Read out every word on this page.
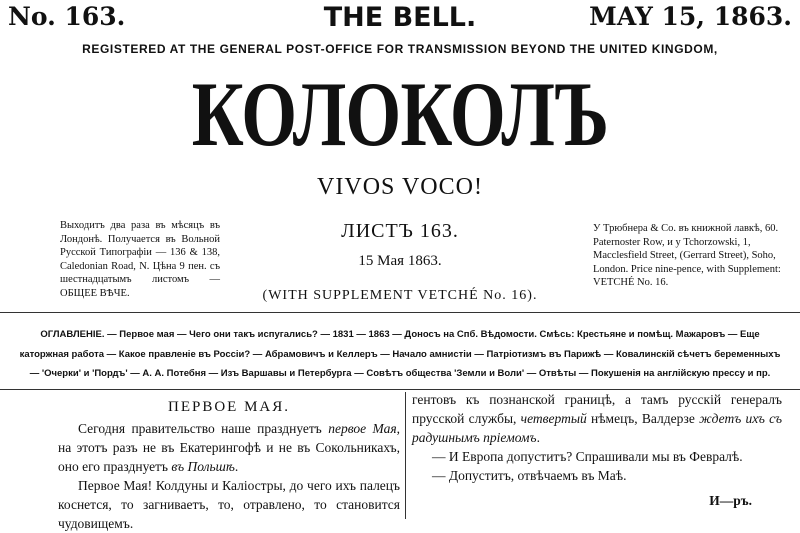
No. 163.	THE BELL.	MAY 15, 1863.
REGISTERED AT THE GENERAL POST-OFFICE FOR TRANSMISSION BEYOND THE UNITED KINGDOM,
КОЛОКОЛЪ
VIVOS VOCO!
Выходитъ два раза въ мѣсяцъ въ Лондонѣ. Получается въ Вольной Русской Типографіи — 136 & 138, Caledonian Road, N. Цѣна 9 пен. съ шестнадцатымъ листомъ — ОБЩЕЕ ВѢЧЕ.
ЛИСТЪ 163.
15 Мая 1863.
(WITH SUPPLEMENT VETCHÉ No. 16).
У Трюбнера & Co. въ книжной лавкѣ, 60. Paternoster Row, и у Tchorzowski, 1, Macclesfield Street, (Gerrard Street), Soho, London. Price nine-pence, with Supplement: VETCHÉ No. 16.

ОГЛАВЛЕНІЕ. — Первое мая — Чего они такъ испугались? — 1831 — 1863 — Доносъ на Спб. Вѣдомости. Смѣсь: Крестьяне и помѣщ. Мажаровъ — Еще

каторжная работа — Какое правленіе въ Россіи? — Абрамовичъ и Келлеръ — Начало амнистіи — Патріотизмъ въ Парижѣ — Ковалинскій сѣчетъ беременныхъ

— 'Очерки' и 'Пордъ' — А. А. Потебня — Изъ Варшавы и Петербурга — Совѣтъ общества 'Земли и Воли' — Отвѣты — Покушенія на англійскую прессу и пр.

ПЕРВОЕ МАЯ.

Сегодня правительство наше празднуетъ первое Мая, на этотъ разъ не въ Екатерингофѣ и не въ Сокольникахъ, оно его празднуетъ въ Польшѣ.

Первое Мая! Колдуны и Каліостры, до чего ихъ палецъ коснется, то загниваетъ, то, отравлено, то становится чудовищемъ.

гентовъ къ познанской границѣ, а тамъ русскій генералъ прусской службы, четвертый нѣмецъ, Валдерзе ждетъ ихъ съ радушнымъ пріемомъ.

— И Европа допуститъ? Спрашивали мы въ Февралѣ.

— Допуститъ, отвѣчаемъ въ Маѣ.

И—ръ.
